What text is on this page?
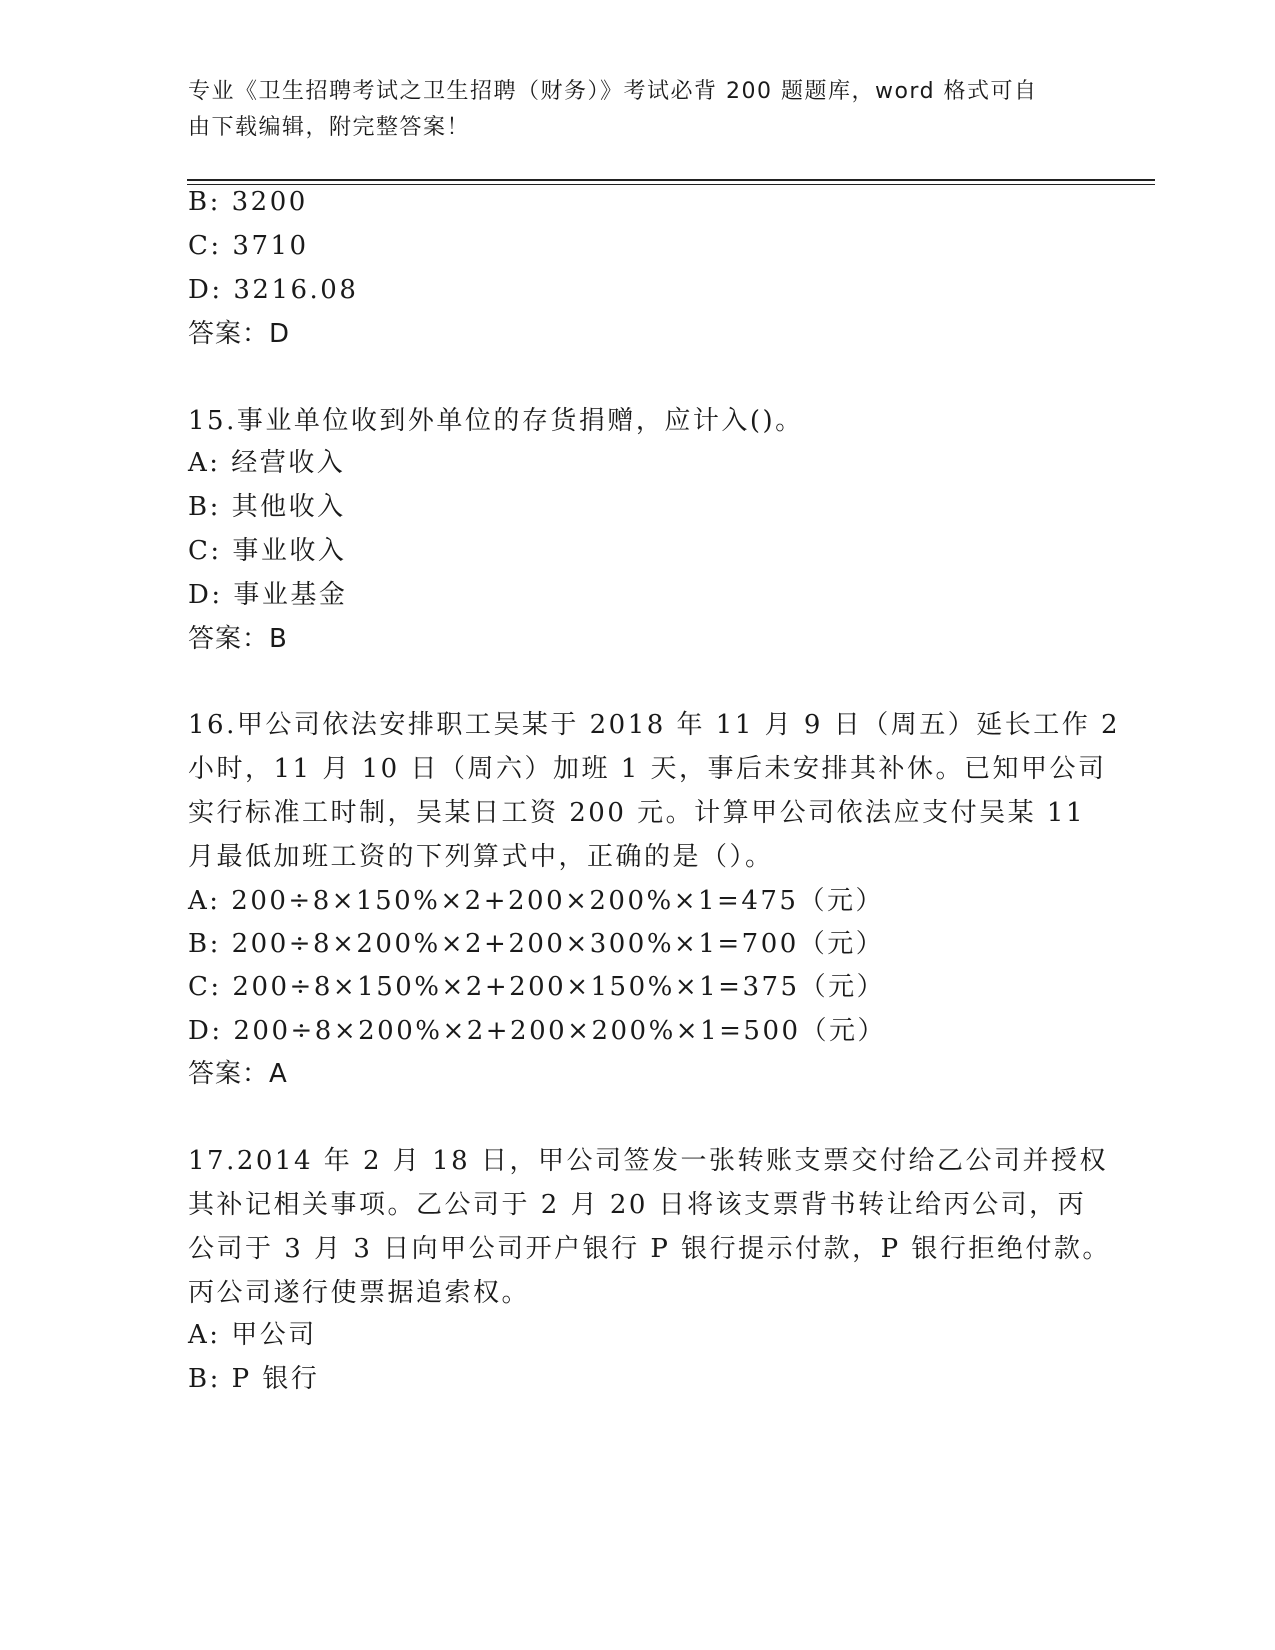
专业《卫生招聘考试之卫生招聘（财务）》考试必背 200 题题库，word 格式可自
由下载编辑，附完整答案！
B: 3200
C: 3710
D: 3216.08
答案：D
15.事业单位收到外单位的存货捐赠，应计入()。
A: 经营收入
B: 其他收入
C: 事业收入
D: 事业基金
答案：B
16.甲公司依法安排职工吴某于 2018 年 11 月 9 日（周五）延长工作 2
小时，11 月 10 日（周六）加班 1 天，事后未安排其补休。已知甲公司
实行标准工时制，吴某日工资 200 元。计算甲公司依法应支付吴某 11
月最低加班工资的下列算式中，正确的是（）。
A: 200÷8×150%×2+200×200%×1=475（元）
B: 200÷8×200%×2+200×300%×1=700（元）
C: 200÷8×150%×2+200×150%×1=375（元）
D: 200÷8×200%×2+200×200%×1=500（元）
答案：A
17.2014 年 2 月 18 日，甲公司签发一张转账支票交付给乙公司并授权
其补记相关事项。乙公司于 2 月 20 日将该支票背书转让给丙公司，丙
公司于 3 月 3 日向甲公司开户银行 P 银行提示付款，P 银行拒绝付款。
丙公司遂行使票据追索权。
A: 甲公司
B: P 银行
